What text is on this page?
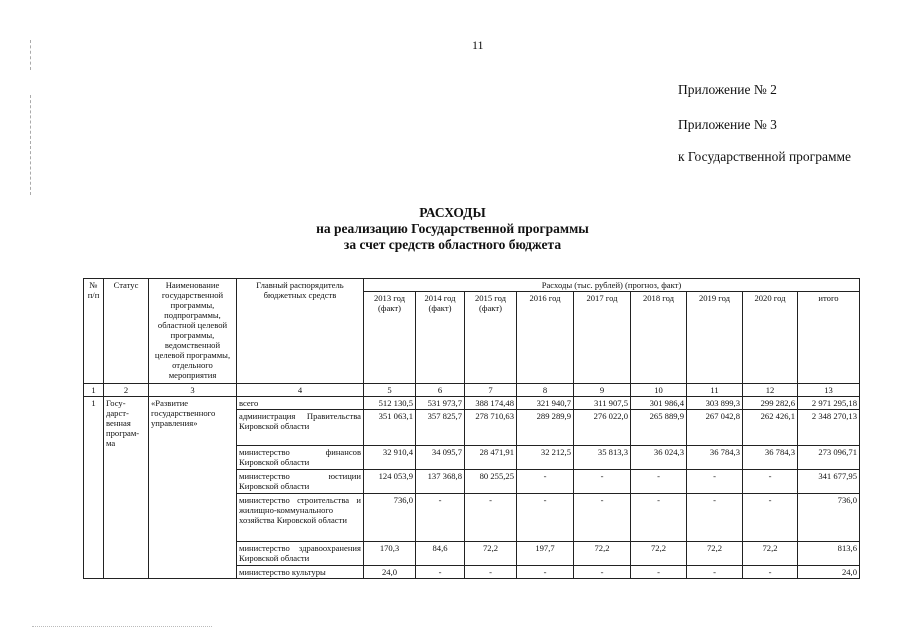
11
Приложение № 2
Приложение № 3
к Государственной программе
РАСХОДЫ
на реализацию Государственной программы
за счет средств областного бюджета
№ п/п	Статус	Наименование государственной программы, подпрограммы, областной целевой программы, ведомственной целевой программы, отдельного мероприятия	Главный распорядитель бюджетных средств	Расходы (тыс. рублей) (прогноз, факт)								
				2013 год (факт)	2014 год (факт)	2015 год (факт)	2016 год	2017 год	2018 год	2019 год	2020 год	итого
1	2	3	4	5	6	7	8	9	10	11	12	13
1	Госу-дарст-венная програм-ма	«Развитие государственного управления»	всего	512 130,5	531 973,7	388 174,48	321 940,7	311 907,5	301 986,4	303 899,3	299 282,6	2 971 295,18
			администрация Правительства Кировской области	351 063,1	357 825,7	278 710,63	289 289,9	276 022,0	265 889,9	267 042,8	262 426,1	2 348 270,13
			министерство финансов Кировской области	32 910,4	34 095,7	28 471,91	32 212,5	35 813,3	36 024,3	36 784,3	36 784,3	273 096,71
			министерство юстиции Кировской области	124 053,9	137 368,8	80 255,25	-	-	-	-	-	341 677,95
			министерство строительства и жилищно-коммунального хозяйства Кировской области	736,0	-	-	-	-	-	-	-	736,0
			министерство здравоохранения Кировской области	170,3	84,6	72,2	197,7	72,2	72,2	72,2	72,2	813,6
			министерство культуры	24,0	-	-	-	-	-	-	-	24,0
